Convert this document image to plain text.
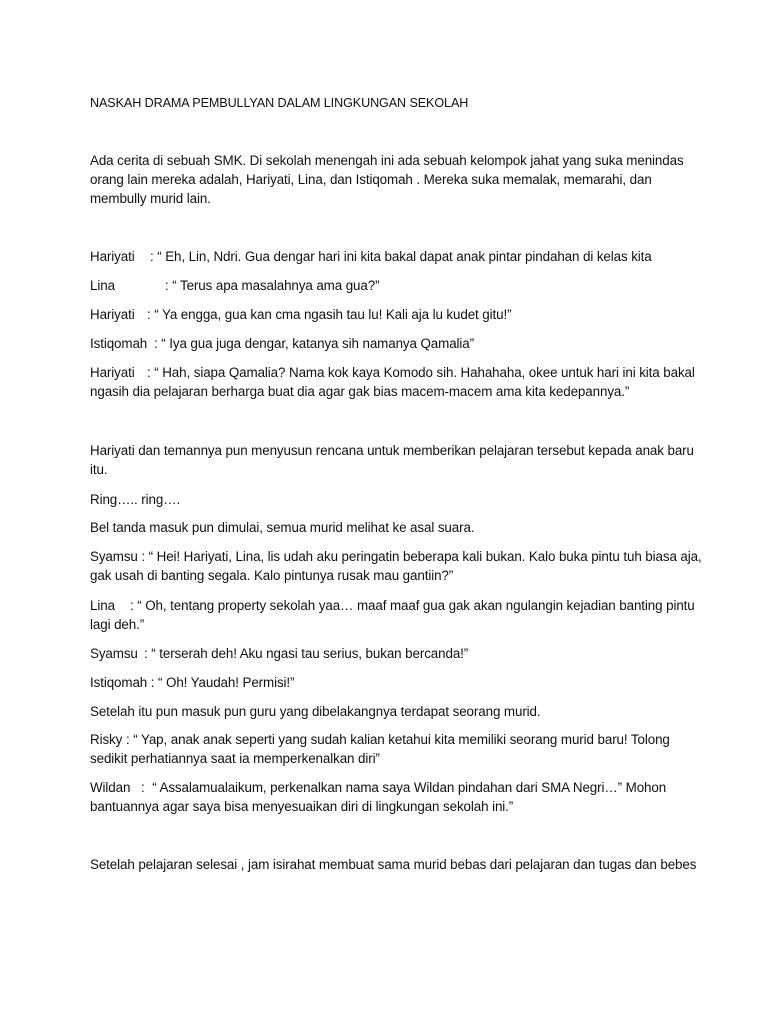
NASKAH DRAMA PEMBULLYAN DALAM LINGKUNGAN SEKOLAH

Ada cerita di sebuah SMK. Di sekolah menengah ini ada sebuah kelompok jahat yang suka menindas

orang lain mereka adalah, Hariyati, Lina, dan Istiqomah . Mereka suka memalak, memarahi, dan

membully murid lain.

Hariyati : “ Eh, Lin, Ndri. Gua dengar hari ini kita bakal dapat anak pintar pindahan di kelas kita

Lina	: “ Terus apa masalahnya ama gua?”

Hariyati : “ Ya engga, gua kan cma ngasih tau lu! Kali aja lu kudet gitu!”

Istiqomah : “ Iya gua juga dengar, katanya sih namanya Qamalia”

Hariyati : “ Hah, siapa Qamalia? Nama kok kaya Komodo sih. Hahahaha, okee untuk hari ini kita bakal

ngasih dia pelajaran berharga buat dia agar gak bias macem-macem ama kita kedepannya.”

Hariyati dan temannya pun menyusun rencana untuk memberikan pelajaran tersebut kepada anak baru

itu.

Ring….. ring….

Bel tanda masuk pun dimulai, semua murid melihat ke asal suara.

Syamsu : “ Hei! Hariyati, Lina, lis udah aku peringatin beberapa kali bukan. Kalo buka pintu tuh biasa aja,

gak usah di banting segala. Kalo pintunya rusak mau gantiin?”

Lina : “ Oh, tentang property sekolah yaa… maaf maaf gua gak akan ngulangin kejadian banting pintu

lagi deh.”

Syamsu : “ terserah deh! Aku ngasi tau serius, bukan bercanda!”

Istiqomah : “ Oh! Yaudah! Permisi!”

Setelah itu pun masuk pun guru yang dibelakangnya terdapat seorang murid.

Risky : “ Yap, anak anak seperti yang sudah kalian ketahui kita memiliki seorang murid baru! Tolong

sedikit perhatiannya saat ia memperkenalkan diri”

Wildan : “ Assalamualaikum, perkenalkan nama saya Wildan pindahan dari SMA Negri…” Mohon

bantuannya agar saya bisa menyesuaikan diri di lingkungan sekolah ini.”

Setelah pelajaran selesai , jam isirahat membuat sama murid bebas dari pelajaran dan tugas dan bebes
